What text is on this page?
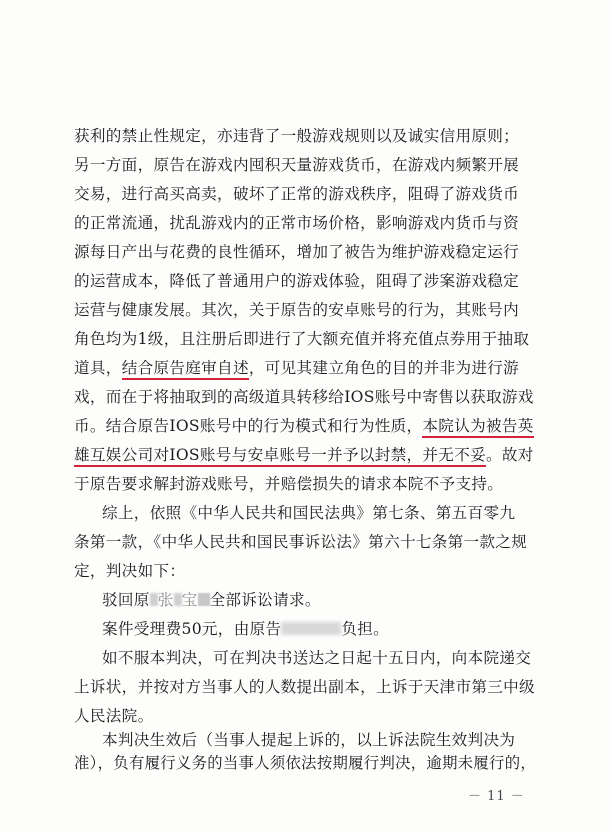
获利的禁止性规定，亦违背了一般游戏规则以及诚实信用原则；
另一方面，原告在游戏内囤积天量游戏货币，在游戏内频繁开展
交易，进行高买高卖，破坏了正常的游戏秩序，阻碍了游戏货币
的正常流通，扰乱游戏内的正常市场价格，影响游戏内货币与资
源每日产出与花费的良性循环，增加了被告为维护游戏稳定运行
的运营成本，降低了普通用户的游戏体验，阻碍了涉案游戏稳定
运营与健康发展。其次，关于原告的安卓账号的行为，其账号内
角色均为1级，且注册后即进行了大额充值并将充值点券用于抽取
道具，结合原告庭审自述，可见其建立角色的目的并非为进行游
戏，而在于将抽取到的高级道具转移给IOS账号中寄售以获取游戏
币。结合原告IOS账号中的行为模式和行为性质，本院认为被告英
雄互娱公司对IOS账号与安卓账号一并予以封禁，并无不妥。故对
于原告要求解封游戏账号，并赔偿损失的请求本院不予支持。
综上，依照《中华人民共和国民法典》第七条、第五百零九
条第一款，《中华人民共和国民事诉讼法》第六十七条第一款之规
定，判决如下：
驳回原 张 宝 全部诉讼请求。
案件受理费50元，由原告	负担。
如不服本判决，可在判决书送达之日起十五日内，向本院递交
上诉状，并按对方当事人的人数提出副本，上诉于天津市第三中级
人民法院。
本判决生效后（当事人提起上诉的，以上诉法院生效判决为
－ 11 －
准），负有履行义务的当事人须依法按期履行判决，逾期未履行的，
